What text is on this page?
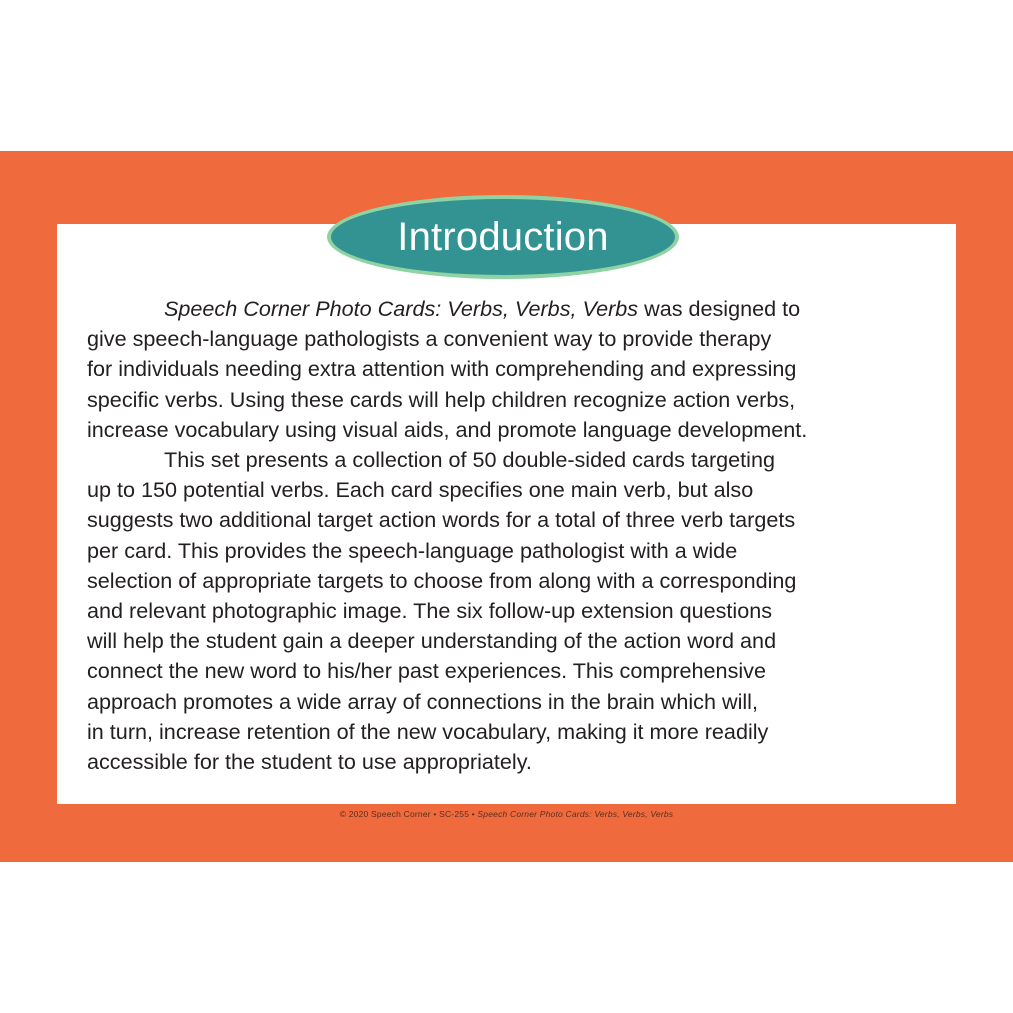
Introduction

Speech Corner Photo Cards: Verbs, Verbs, Verbs was designed to
give speech-language pathologists a convenient way to provide therapy
for individuals needing extra attention with comprehending and expressing
specific verbs. Using these cards will help children recognize action verbs,
increase vocabulary using visual aids, and promote language development.

This set presents a collection of 50 double-sided cards targeting
up to 150 potential verbs. Each card specifies one main verb, but also
suggests two additional target action words for a total of three verb targets
per card. This provides the speech-language pathologist with a wide
selection of appropriate targets to choose from along with a corresponding
and relevant photographic image. The six follow-up extension questions
will help the student gain a deeper understanding of the action word and
connect the new word to his/her past experiences. This comprehensive
approach promotes a wide array of connections in the brain which will,
in turn, increase retention of the new vocabulary, making it more readily
accessible for the student to use appropriately.

© 2020 Speech Corner • SC-255 • Speech Corner Photo Cards: Verbs, Verbs, Verbs
